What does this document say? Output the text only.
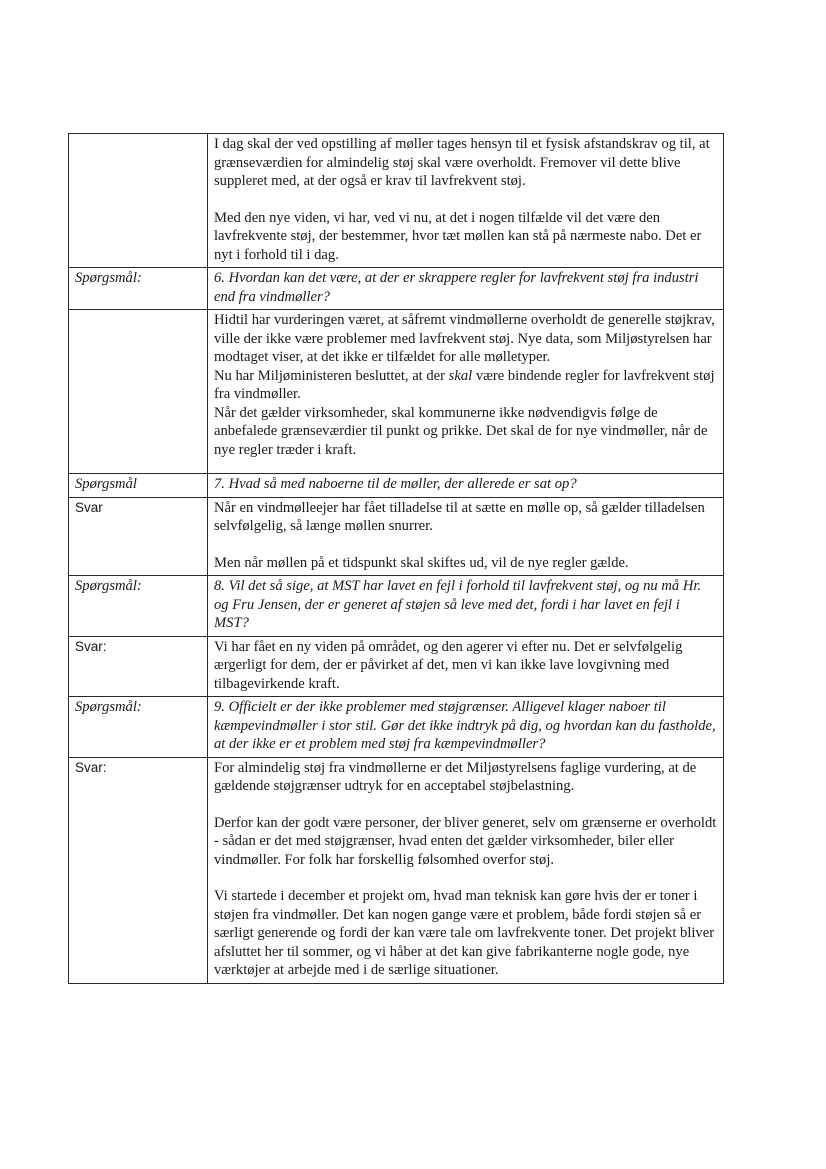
	I dag skal der ved opstilling af møller tages hensyn til et fysisk afstandskrav og til, at grænseværdien for almindelig støj skal være overholdt. Fremover vil dette blive suppleret med, at der også er krav til lavfrekvent støj.
Med den nye viden, vi har, ved vi nu, at det i nogen tilfælde vil det være den lavfrekvente støj, der bestemmer, hvor tæt møllen kan stå på nærmeste nabo. Det er nyt i forhold til i dag.

Spørgsmål:	6. Hvordan kan det være, at der er skrappere regler for lavfrekvent støj fra industri end fra vindmøller?

	Hidtil har vurderingen været, at såfremt vindmøllerne overholdt de generelle støjkrav, ville der ikke være problemer med lavfrekvent støj. Nye data, som Miljøstyrelsen har modtaget viser, at det ikke er tilfældet for alle mølletyper.
Nu har Miljøministeren besluttet, at der skal være bindende regler for lavfrekvent støj fra vindmøller.
Når det gælder virksomheder, skal kommunerne ikke nødvendigvis følge de anbefalede grænseværdier til punkt og prikke. Det skal de for nye vindmøller, når de nye regler træder i kraft.

Spørgsmål	7. Hvad så med naboerne til de møller, der allerede er sat op?

Svar	Når en vindmølleejer har fået tilladelse til at sætte en mølle op, så gælder tilladelsen selvfølgelig, så længe møllen snurrer.
Men når møllen på et tidspunkt skal skiftes ud, vil de nye regler gælde.

Spørgsmål:	8. Vil det så sige, at MST har lavet en fejl i forhold til lavfrekvent støj, og nu må Hr. og Fru Jensen, der er generet af støjen så leve med det, fordi i har lavet en fejl i MST?

Svar:	Vi har fået en ny viden på området, og den agerer vi efter nu. Det er selvfølgelig ærgerligt for dem, der er påvirket af det, men vi kan ikke lave lovgivning med tilbagevirkende kraft.

Spørgsmål:	9. Officielt er der ikke problemer med støjgrænser. Alligevel klager naboer til kæmpevindmøller i stor stil. Gør det ikke indtryk på dig, og hvordan kan du fastholde, at der ikke er et problem med støj fra kæmpevindmøller?

Svar:	For almindelig støj fra vindmøllerne er det Miljøstyrelsens faglige vurdering, at de gældende støjgrænser udtryk for en acceptabel støjbelastning.
Derfor kan der godt være personer, der bliver generet, selv om grænserne er overholdt - sådan er det med støjgrænser, hvad enten det gælder virksomheder, biler eller vindmøller. For folk har forskellig følsomhed overfor støj.
Vi startede i december et projekt om, hvad man teknisk kan gøre hvis der er toner i støjen fra vindmøller. Det kan nogen gange være et problem, både fordi støjen så er særligt generende og fordi der kan være tale om lavfrekvente toner. Det projekt bliver afsluttet her til sommer, og vi håber at det kan give fabrikanterne nogle gode, nye værktøjer at arbejde med i de særlige situationer.
